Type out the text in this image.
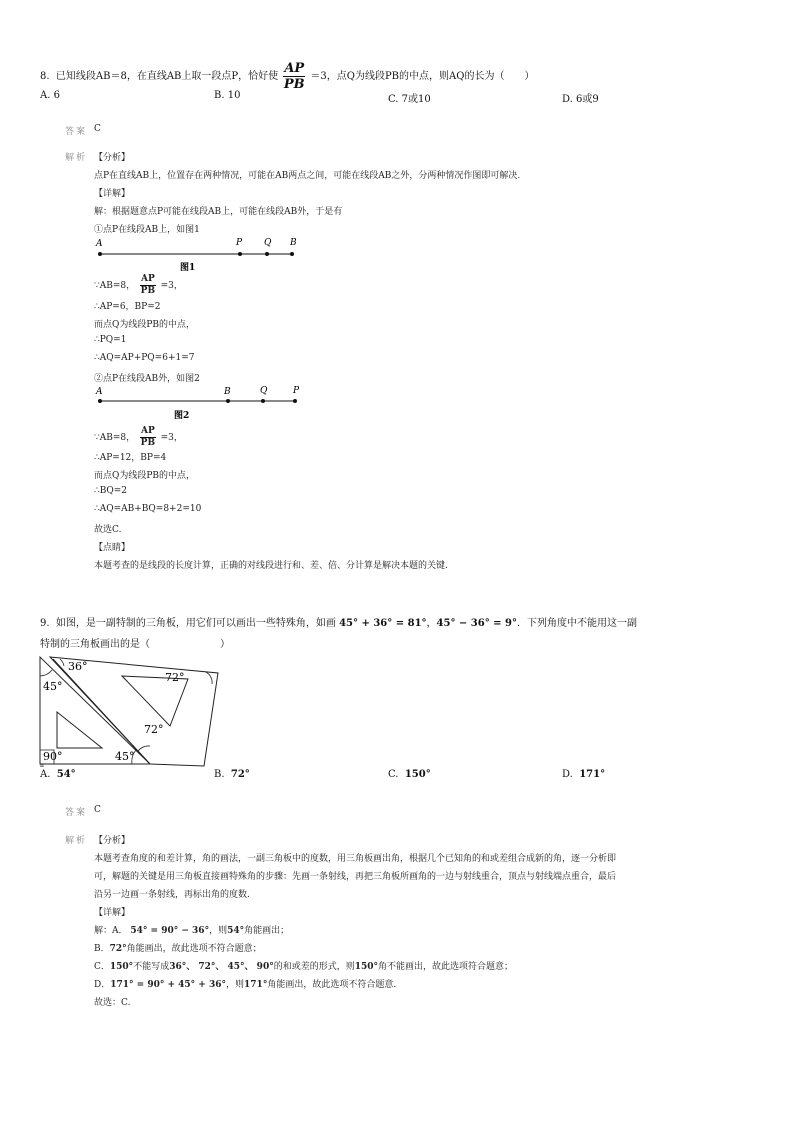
8. 已知线段AB＝8，在直线AB上取一段点P，恰好使 $\frac{AP}{PB} =3$，点Q为线段PB的中点，则AQ的长为（　　）
A. 6	B. 10	C. 7或10	D. 6或9
答案 C
解析 【分析】
点P在直线AB上，位置存在两种情况，可能在AB两点之间，可能在线段AB之外，分两种情况作图即可解决.
【详解】
解：根据题意点P可能在线段AB上，可能在线段AB外，于是有
①点P在线段AB上，如图1
A	P Q B
图1
∵AB=8， $\frac{AP}{PB} =3$，
∴AP=6，BP=2
而点Q为线段PB的中点，
∴PQ=1
∴AQ=AP+PQ=6+1=7
②点P在线段AB外，如图2
A	B	Q	P
图2
∵AB=8， $\frac{AP}{PB} =3$，
∴AP=12，BP=4
而点Q为线段PB的中点，
∴BQ=2
∴AQ=AB+BQ=8+2=10
故选C.
【点睛】
本题考查的是线段的长度计算，正确的对线段进行和、差、倍、分计算是解决本题的关键.
9. 如图，是一副特制的三角板，用它们可以画出一些特殊角，如画 45° + 36° = 81°，45° − 36° = 9°．下列角度中不能用这一副
特制的三角板画出的是（　　　　　　　）
36°
72°
45°
72°
90°	45°
n
A. 54°	B. 72°	C. 150°	D. 171°
答案 C
解析 【分析】
本题考查角度的和差计算，角的画法，一副三角板中的度数，用三角板画出角，根据几个已知角的和或差组合成新的角，逐一分析即
可，解题的关键是用三角板直接画特殊角的步骤：先画一条射线，再把三角板所画角的一边与射线重合，顶点与射线端点重合，最后
沿另一边画一条射线，再标出角的度数.
【详解】
解：A． 54° = 90° − 36°，则54°角能画出；
B．72°角能画出，故此选项不符合题意；
C．150°不能写成36°、 72°、 45°、 90°的和或差的形式，则150°角不能画出，故此选项符合题意；
D．171° = 90° + 45° + 36°，则171°角能画出，故此选项不符合题意.
故选：C.
